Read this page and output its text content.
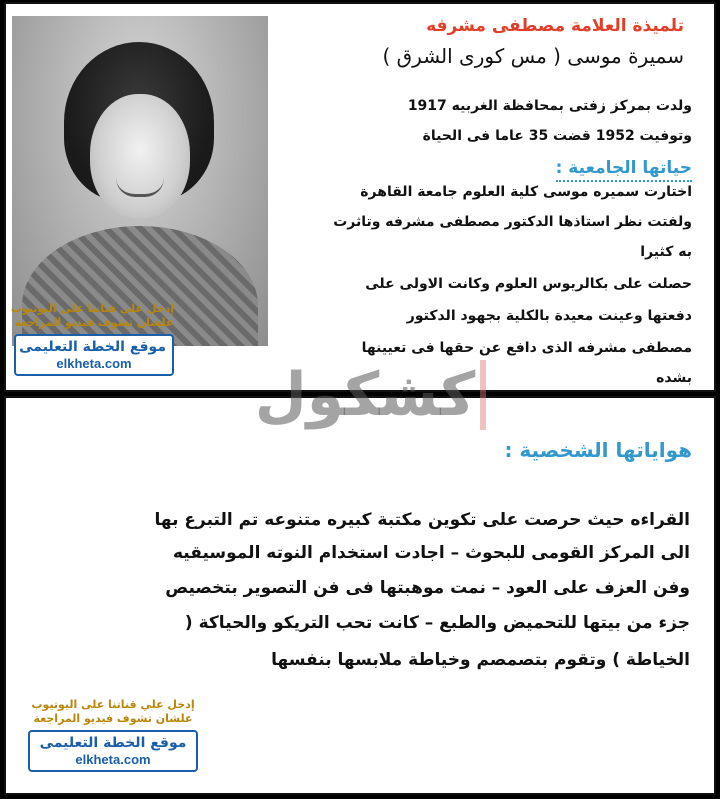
إدخل علي قناتنا على اليوتيوب
علشان تشوف فيديو المراجعة
موقع الخطة التعليمى
elkheta.com
تلميذة العلامة مصطفى مشرفه
سميرة موسى ( مس كورى الشرق )
ولدت بمركز زفتى بمحافظة الغربيه 1917
وتوفيت 1952 قضت 35 عاما فى الحياة
حياتها الجامعية :
اختارت سميره موسى كلية العلوم جامعة القاهرة
ولفتت نظر استاذها الدكتور مصطفى مشرفه وتاثرت
به كثيرا
حصلت على بكالريوس العلوم وكانت الاولى على
دفعتها وعينت معيدة بالكلية بجهود الدكتور
مصطفى مشرفه الذى دافع عن حقها فى تعيينها
بشده
هواياتها الشخصية :
القراءه حيث حرصت على تكوين مكتبة كبيره متنوعه تم التبرع بها
الى المركز القومى للبحوث – اجادت استخدام النوته الموسيقيه
وفن العزف على العود – نمت موهبتها فى فن التصوير بتخصيص
جزء من بيتها للتحميض والطبع – كانت تحب التريكو والحياكة (
الخياطة ) وتقوم بتصمصم وخياطة ملابسها بنفسها
إدخل علي قناتنا على اليوتيوب
علشان تشوف فيديو المراجعة
موقع الخطة التعليمى
elkheta.com
كشكول
